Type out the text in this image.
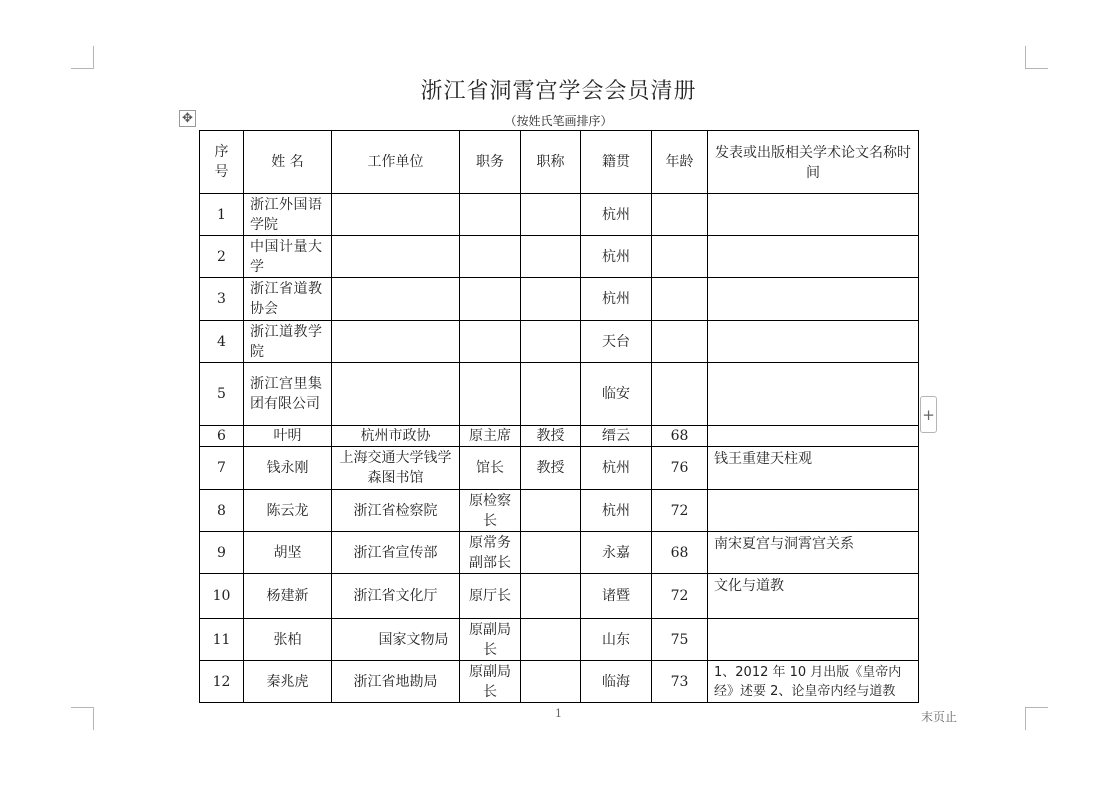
浙江省洞霄宫学会会员清册
（按姓氏笔画排序）
✥
+
序号	姓 名	工作单位	职务	职称	籍贯	年龄	发表或出版相关学术论文名称时间

1	浙江外国语学院				杭州		
2	中国计量大学				杭州		
3	浙江省道教协会				杭州		
4	浙江道教学院				天台		
5	浙江宫里集团有限公司				临安		
6	叶明	杭州市政协	原主席	教授	缙云	68	
7	钱永刚	上海交通大学钱学森图书馆	馆长	教授	杭州	76	钱王重建天柱观
8	陈云龙	浙江省检察院	原检察长		杭州	72	
9	胡坚	浙江省宣传部	原常务副部长		永嘉	68	南宋夏宫与洞霄宫关系
10	杨建新	浙江省文化厅	原厅长		诸暨	72	文化与道教
11	张柏	国家文物局	原副局长		山东	75	
12	秦兆虎	浙江省地勘局	原副局长		临海	73	1、2012 年 10 月出版《皇帝内经》述要 2、论皇帝内经与道教
1	末页止
